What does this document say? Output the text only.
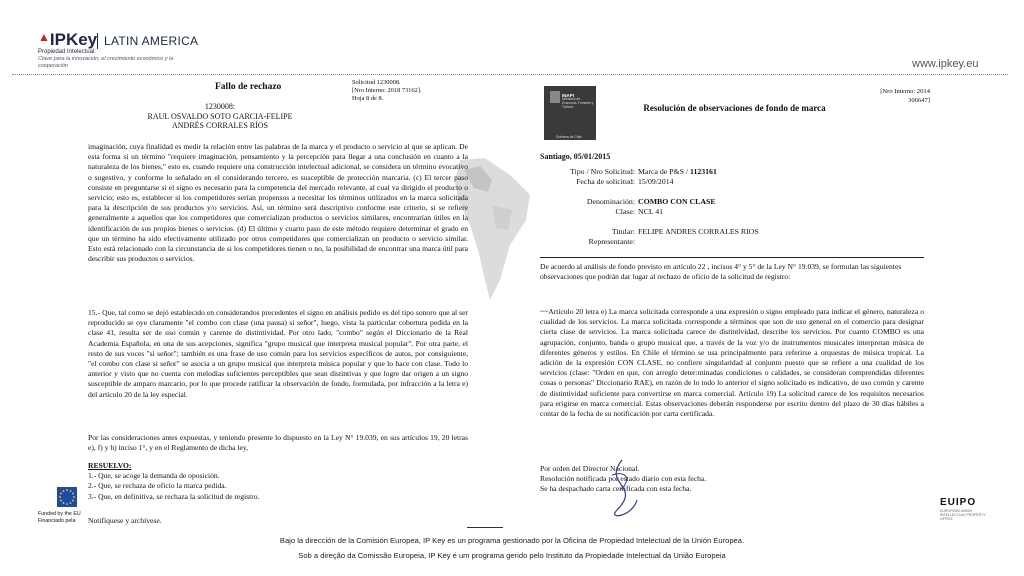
▲IPKey LATIN AMERICA
Propiedad Intelectual:
Clave para la innovación, el crecimiento económico y la cooperación	www.ipkey.eu
Fallo de rechazo	Solicitud 1230008.
[Nro Interno: 2018 73162].
Hoja 8 de 8.
1230008:
RAUL OSVALDO SOTO GARCIA-FELIPE
ANDRÉS CORRALES RÍOS
imaginación, cuya finalidad es medir la relación entre las palabras de la marca y el producto o servicio al que se aplican. De esta forma si un término "requiere imaginación, pensamiento y la percepción para llegar a una conclusión en cuanto a la naturaleza de los bienes," esto es, cuando requiere una construcción intelectual adicional, se considera un término evocativo o sugestivo, y conforme lo señalado en el considerando tercero, es susceptible de protección marcaria. (c) El tercer paso consiste en preguntarse si el signo es necesario para la competencia del mercado relevante, al cual va dirigido el producto o servicio; esto es, establecer si los competidores serían propensos a necesitar los términos utilizados en la marca solicitada para la descripción de sus productos y/o servicios. Así, un término será descriptivo conforme este criterio, si se refiere generalmente a aquellos que los competidores que comercializan productos o servicios similares, encontrarían útiles en la identificación de sus propios bienes o servicios. (d) El último y cuarto paso de este método requiere determinar el grado en que un término ha sido efectivamente utilizado por otros competidores que comercializan un producto o servicio similar. Esto está relacionado con la circunstancia de si los competidores tienen o no, la posibilidad de encontrar una marca útil para describir sus productos o servicios.
15.- Que, tal como se dejó establecido en considerandos precedentes el signo en análisis pedido es del tipo sonoro que al ser reproducido se oye claramente "el combo con clase (una pausa) si señor", luego, vista la particular cobertura pedida en la clase 41, resulta ser de uso común y carente de distintividad. Por otro lado, "combo" según el Diccionario de la Real Academia Española, en una de sus acepciones, significa "grupo musical que interpreta musical popular". Por otra parte, el resto de sus voces "si señor"; también es una frase de uso común para los servicios específicos de autos, por consiguiente, "el combo con clase si señor" se asocia a un grupo musical que interpreta música popular y que lo hace con clase. Todo lo anterior y visto que no cuenta con melodías suficientes perceptibles que sean distintivas y que logre dar origen a un signo susceptible de amparo marcario, por lo que procede ratificar la observación de fondo, formulada, por infracción a la letra e) del artículo 20 de la ley especial.
Por las consideraciones antes expuestas, y teniendo presente lo dispuesto en la Ley N° 19.039, en sus artículos 19, 20 letras e), f) y h) inciso 1°, y en el Reglamento de dicha ley,
RESUELVO:
1.- Que, se acoge la demanda de oposición.
2.- Que, se rechaza de oficio la marca pedida.
3.- Que, en definitiva, se rechaza la solicitud de registro.
Notifíquese y archívese.
INAPI
Ministerio de Economía, Fomento y Turismo
Gobierno de Chile
Resolución de observaciones de fondo de marca
[Nro Interno: 2014
306647]
Santiago, 05/01/2015
Tipo / Nro Solicitud: Marca de P&S / 1123161
Fecha de solicitud: 15/09/2014
Denominación: COMBO CON CLASE
Clase: NCL 41
Titular: FELIPE ANDRES CORRALES RIOS
Representante:
De acuerdo al análisis de fondo previsto en artículo 22 , incisos 4° y 5° de la Ley N° 19.039, se formulan las siguientes observaciones que podrán dar lugar al rechazo de oficio de la solicitud de registro:
~~Artículo 20 letra e) La marca solicitada corresponde a una expresión o signo empleado para indicar el género, naturaleza o cualidad de los servicios. La marca solicitada corresponde a términos que son de uso general en el comercio para designar cierta clase de servicios. La marca solicitada carece de distintividad, describe los servicios. Por cuanto COMBO es una agrupación, conjunto, banda o grupo musical que, a través de la voz y/o de instrumentos musicales interpretan música de diferentes géneros y estilos. En Chile el término se usa principalmente para referirse a orquestas de música tropical. La adición de la expresión CON CLASE, no confiere singularidad al conjunto puesto que se refiere a una cualidad de los servicios (clase: "Orden en que, con arreglo deter:minadas condiciones o calidades, se consideran comprendidas diferentes cosas o personas" Diccionario RAE), en razón de lo todo lo anterior el signo solicitado es indicativo, de uso común y carente de distintividad suficiente para convertirse en marca comercial. Artículo 19) La solicitud carece de los requisitos necesarios para erigirse en marca comercial. Estas observaciones deberán responderse por escrito dentro del plazo de 30 días hábiles a contar de la fecha de su notificación por carta certificada.
Por orden del Director Nacional.
Resolución notificada por estado diario con esta fecha.
Se ha despachado carta certificada con esta fecha.
Funded by the EU
Financiado pela
EUIPO
EUROPEAN UNION INTELLECTUAL PROPERTY OFFICE
Bajo la dirección de la Comisión Europea, IP Key es un programa gestionado por la Oficina de Propiedad Intelectual de la Unión Europea.
Sob a direção da Comissão Europeia, IP Key é um programa gerido pelo Instituto da Propiedade Intelectual da União Europeia
